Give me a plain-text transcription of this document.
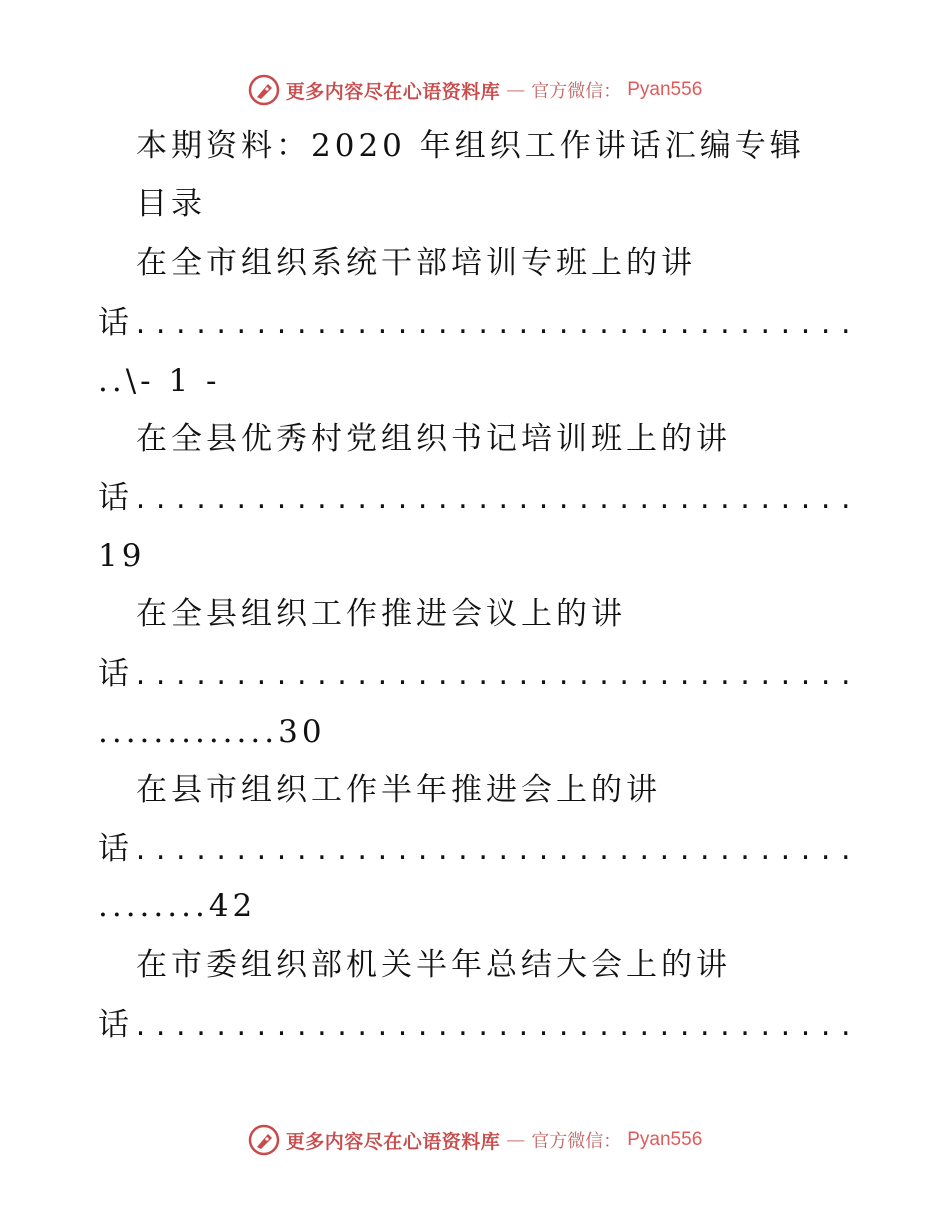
更多内容尽在心语资料库 — 官方微信： Pyan556
本期资料：2020 年组织工作讲话汇编专辑
目录
在全市组织系统干部培训专班上的讲
话....................................
..\- 1 -
在全县优秀村党组织书记培训班上的讲
话....................................
19
在全县组织工作推进会议上的讲
话....................................
.............30
在县市组织工作半年推进会上的讲
话....................................
........42
在市委组织部机关半年总结大会上的讲
话....................................
更多内容尽在心语资料库 — 官方微信： Pyan556
